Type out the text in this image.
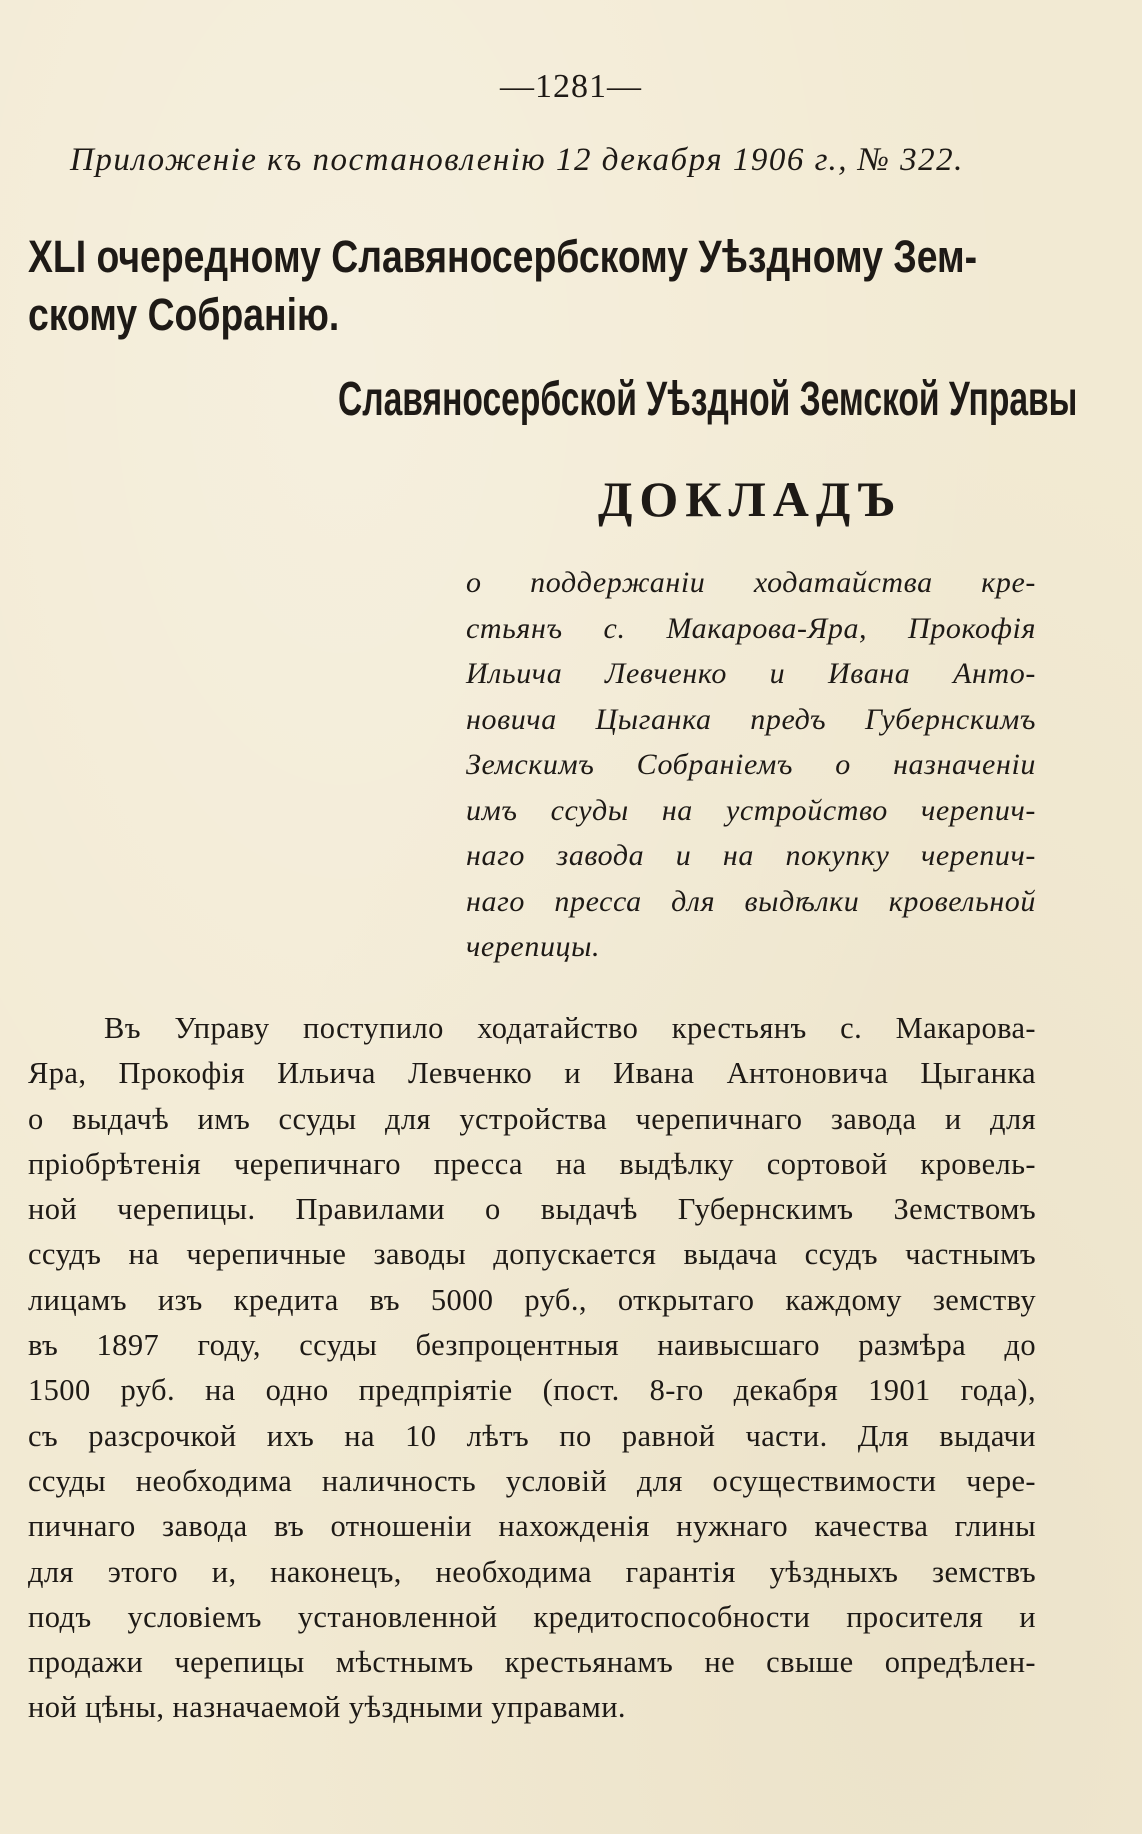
—1281—
Приложеніе къ постановленію 12 декабря 1906 г., № 322.
XLI очередному Славяносербскому Уѣздному Зем-
скому Собранію.
Славяносербской Уѣздной Земской Управы
ДОКЛАДЪ
о поддержаніи ходатайства кре-
стьянъ с. Макарова-Яра, Прокофія
Ильича Левченко и Ивана Анто-
новича Цыганка предъ Губернскимъ
Земскимъ Собраніемъ о назначеніи
имъ ссуды на устройство черепич-
наго завода и на покупку черепич-
наго пресса для выдѣлки кровельной
черепицы.
Въ Управу поступило ходатайство крестьянъ с. Макарова-
Яра, Прокофія Ильича Левченко и Ивана Антоновича Цыганка
о выдачѣ имъ ссуды для устройства черепичнаго завода и для
пріобрѣтенія черепичнаго пресса на выдѣлку сортовой кровель-
ной черепицы. Правилами о выдачѣ Губернскимъ Земствомъ
ссудъ на черепичные заводы допускается выдача ссудъ частнымъ
лицамъ изъ кредита въ 5000 руб., открытаго каждому земству
въ 1897 году, ссуды безпроцентныя наивысшаго размѣра до
1500 руб. на одно предпріятіе (пост. 8-го декабря 1901 года),
съ разсрочкой ихъ на 10 лѣтъ по равной части. Для выдачи
ссуды необходима наличность условій для осуществимости чере-
пичнаго завода въ отношеніи нахожденія нужнаго качества глины
для этого и, наконецъ, необходима гарантія уѣздныхъ земствъ
подъ условіемъ установленной кредитоспособности просителя и
продажи черепицы мѣстнымъ крестьянамъ не свыше опредѣлен-
ной цѣны, назначаемой уѣздными управами.
